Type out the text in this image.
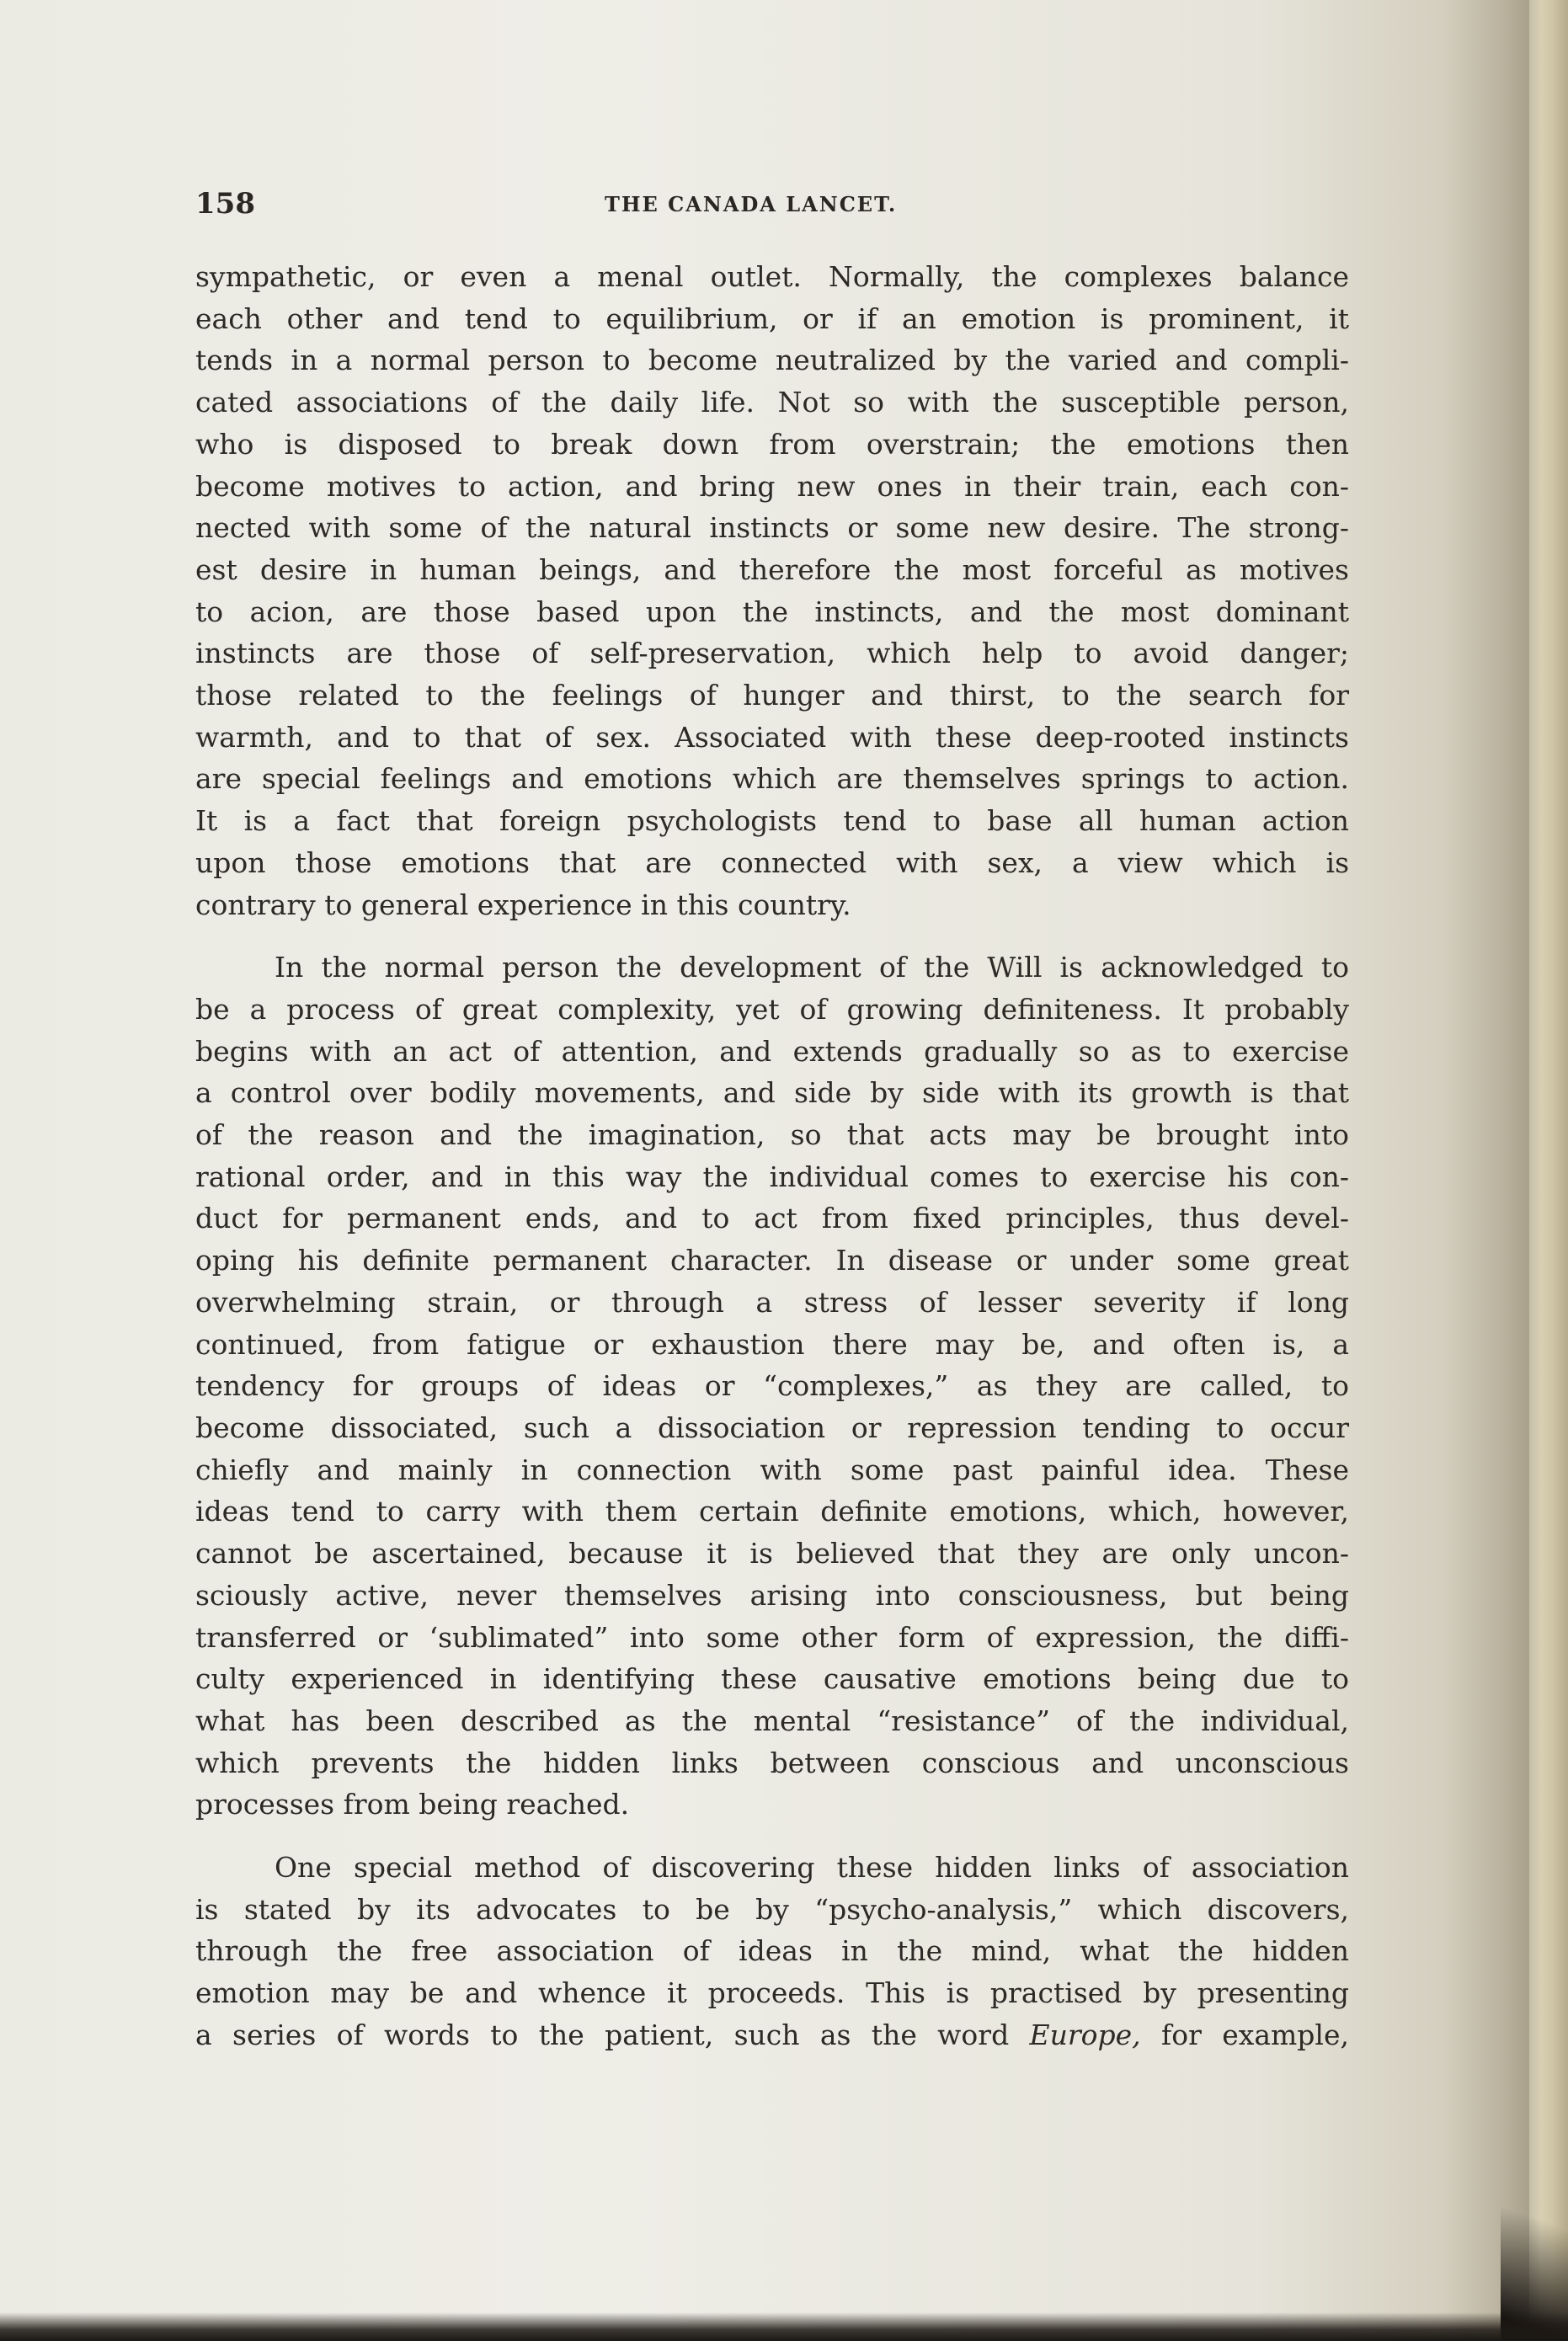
158	THE CANADA LANCET.

sympathetic, or even a menal outlet. Normally, the complexes balance
each other and tend to equilibrium, or if an emotion is prominent, it
tends in a normal person to become neutralized by the varied and compli-
cated associations of the daily life. Not so with the susceptible person,
who is disposed to break down from overstrain; the emotions then
become motives to action, and bring new ones in their train, each con-
nected with some of the natural instincts or some new desire. The strong-
est desire in human beings, and therefore the most forceful as motives
to acion, are those based upon the instincts, and the most dominant
instincts are those of self-preservation, which help to avoid danger;
those related to the feelings of hunger and thirst, to the search for
warmth, and to that of sex. Associated with these deep-rooted instincts
are special feelings and emotions which are themselves springs to action.
It is a fact that foreign psychologists tend to base all human action
upon those emotions that are connected with sex, a view which is
contrary to general experience in this country.

In the normal person the development of the Will is acknowledged to
be a process of great complexity, yet of growing definiteness. It probably
begins with an act of attention, and extends gradually so as to exercise
a control over bodily movements, and side by side with its growth is that
of the reason and the imagination, so that acts may be brought into
rational order, and in this way the individual comes to exercise his con-
duct for permanent ends, and to act from fixed principles, thus devel-
oping his definite permanent character. In disease or under some great
overwhelming strain, or through a stress of lesser severity if long
continued, from fatigue or exhaustion there may be, and often is, a
tendency for groups of ideas or “complexes,” as they are called, to
become dissociated, such a dissociation or repression tending to occur
chiefly and mainly in connection with some past painful idea. These
ideas tend to carry with them certain definite emotions, which, however,
cannot be ascertained, because it is believed that they are only uncon-
sciously active, never themselves arising into consciousness, but being
transferred or ‘sublimated” into some other form of expression, the diffi-
culty experienced in identifying these causative emotions being due to
what has been described as the mental “resistance” of the individual,
which prevents the hidden links between conscious and unconscious
processes from being reached.

One special method of discovering these hidden links of association
is stated by its advocates to be by “psycho-analysis,” which discovers,
through the free association of ideas in the mind, what the hidden
emotion may be and whence it proceeds. This is practised by presenting
a series of words to the patient, such as the word Europe, for example,
